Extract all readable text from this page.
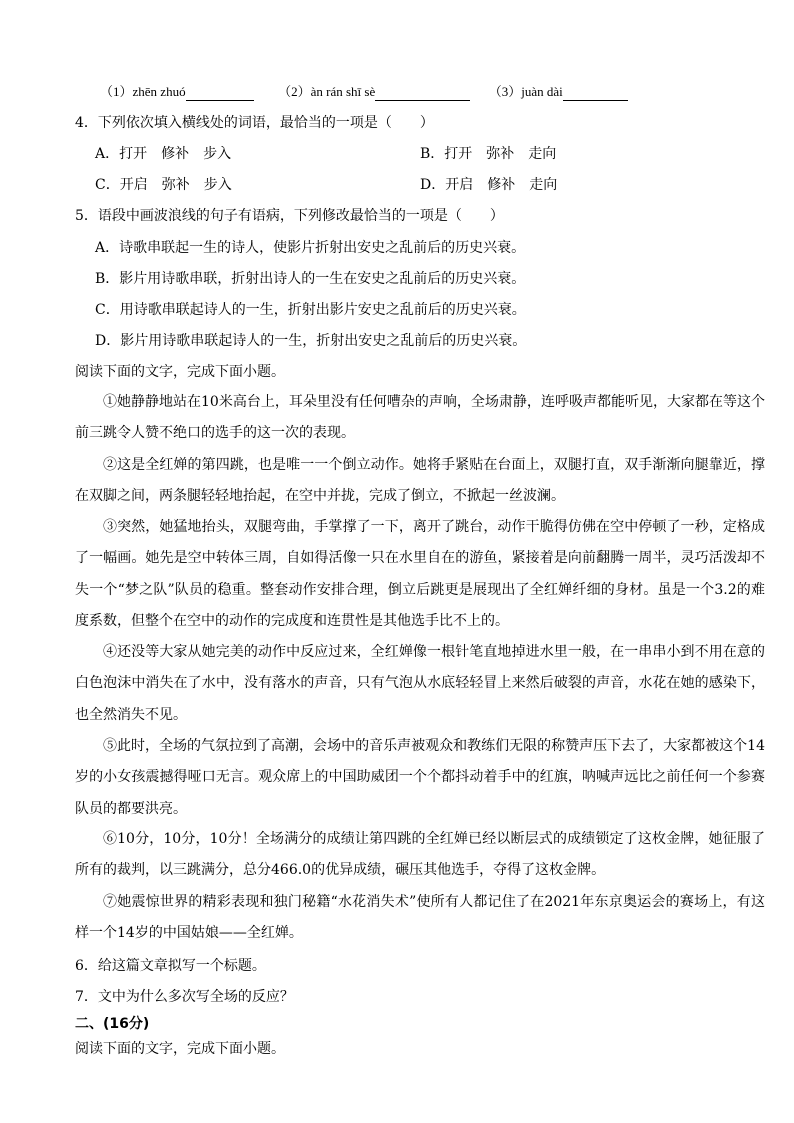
（1）zhēn zhuó	（2）àn rán shī sè	（3）juàn dài
4．下列依次填入横线处的词语，最恰当的一项是（　　）
A．打开　修补　步入	B．打开　弥补　走向
C．开启　弥补　步入	D．开启　修补　走向
5．语段中画波浪线的句子有语病，下列修改最恰当的一项是（　　）
A．诗歌串联起一生的诗人，使影片折射出安史之乱前后的历史兴衰。
B．影片用诗歌串联，折射出诗人的一生在安史之乱前后的历史兴衰。
C．用诗歌串联起诗人的一生，折射出影片安史之乱前后的历史兴衰。
D．影片用诗歌串联起诗人的一生，折射出安史之乱前后的历史兴衰。
阅读下面的文字，完成下面小题。
①她静静地站在10米高台上，耳朵里没有任何嘈杂的声响，全场肃静，连呼吸声都能听见，大家都在等这个前三跳令人赞不绝口的选手的这一次的表现。
②这是全红婵的第四跳，也是唯一一个倒立动作。她将手紧贴在台面上，双腿打直，双手渐渐向腿靠近，撑在双脚之间，两条腿轻轻地抬起，在空中并拢，完成了倒立，不掀起一丝波澜。
③突然，她猛地抬头，双腿弯曲，手掌撑了一下，离开了跳台，动作干脆得仿佛在空中停顿了一秒，定格成了一幅画。她先是空中转体三周，自如得活像一只在水里自在的游鱼，紧接着是向前翻腾一周半，灵巧活泼却不失一个“梦之队”队员的稳重。整套动作安排合理，倒立后跳更是展现出了全红婵纤细的身材。虽是一个3.2的难度系数，但整个在空中的动作的完成度和连贯性是其他选手比不上的。
④还没等大家从她完美的动作中反应过来，全红婵像一根针笔直地掉进水里一般，在一串串小到不用在意的白色泡沫中消失在了水中，没有落水的声音，只有气泡从水底轻轻冒上来然后破裂的声音，水花在她的感染下，也全然消失不见。
⑤此时，全场的气氛拉到了高潮，会场中的音乐声被观众和教练们无限的称赞声压下去了，大家都被这个14岁的小女孩震撼得哑口无言。观众席上的中国助威团一个个都抖动着手中的红旗，呐喊声远比之前任何一个参赛队员的都要洪亮。
⑥10分，10分，10分！全场满分的成绩让第四跳的全红婵已经以断层式的成绩锁定了这枚金牌，她征服了所有的裁判，以三跳满分，总分466.0的优异成绩，碾压其他选手，夺得了这枚金牌。
⑦她震惊世界的精彩表现和独门秘籍“水花消失术”使所有人都记住了在2021年东京奥运会的赛场上，有这样一个14岁的中国姑娘——全红婵。
6．给这篇文章拟写一个标题。
7．文中为什么多次写全场的反应？
二、(16分)
阅读下面的文字，完成下面小题。
